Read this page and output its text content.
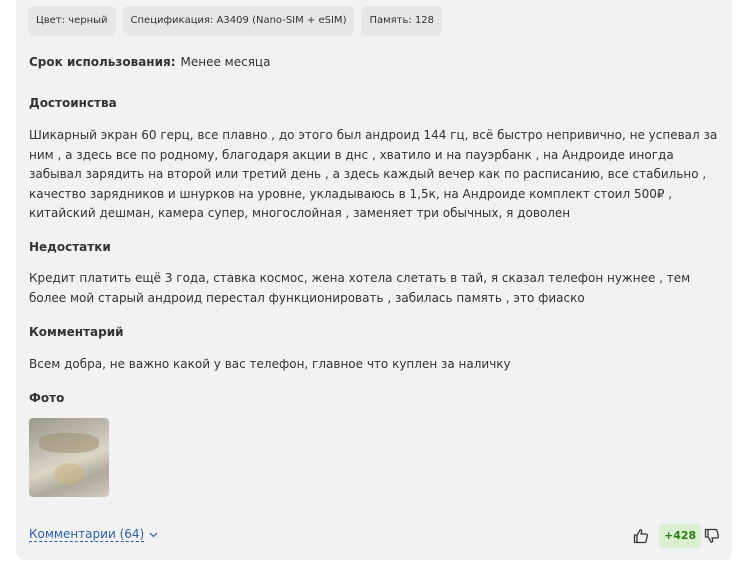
Цвет: черный	Спецификация: A3409 (Nano-SIM + eSIM)	Память: 128
Срок использования: Менее месяца
Достоинства
Шикарный экран 60 герц, все плавно , до этого был андроид 144 гц, всё быстро непривично, не успевал за ним , а здесь все по родному, благодаря акции в днс , хватило и на пауэрбанк , на Андроиде иногда забывал зарядить на второй или третий день , а здесь каждый вечер как по расписанию, все стабильно , качество зарядников и шнурков на уровне, укладываюсь в 1,5к, на Андроиде комплект стоил 500₽ , китайский дешман, камера супер, многослойная , заменяет три обычных, я доволен
Недостатки
Кредит платить ещё 3 года, ставка космос, жена хотела слетать в тай, я сказал телефон нужнее , тем более мой старый андроид перестал функционировать , забилась память , это фиаско
Комментарий
Всем добра, не важно какой у вас телефон, главное что куплен за наличку
Фото
Комментарии (64)	+428
